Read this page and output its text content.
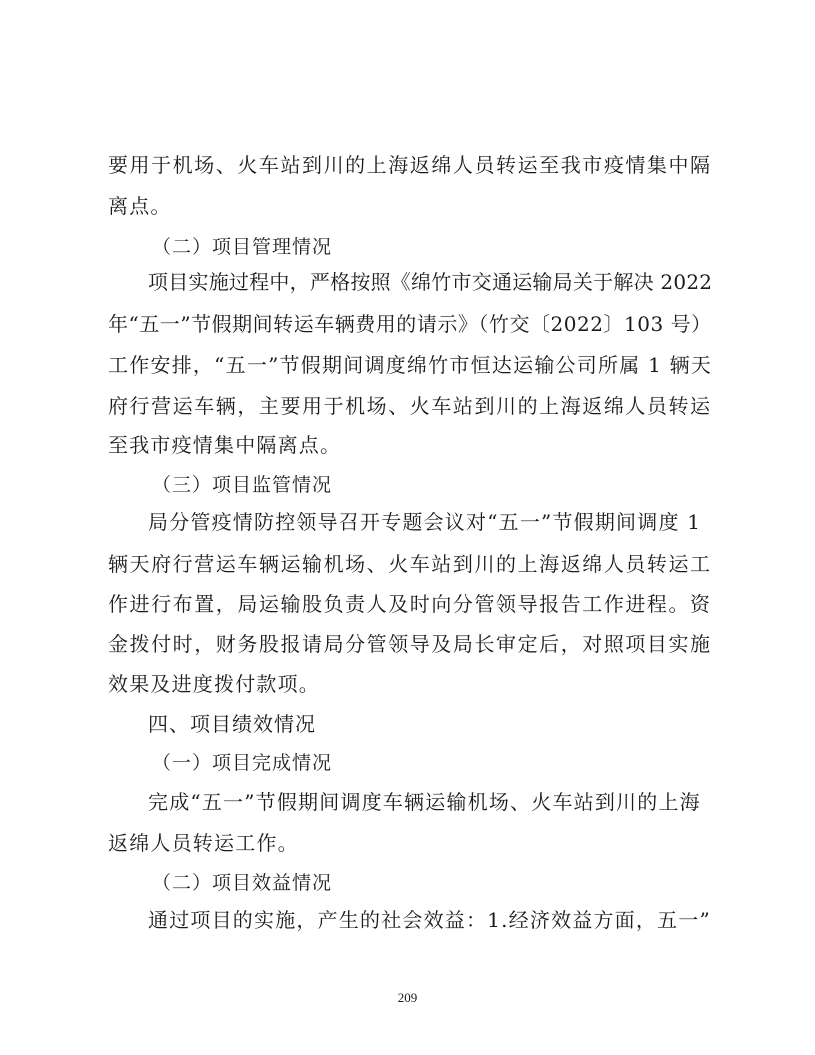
要用于机场、火车站到川的上海返绵人员转运至我市疫情集中隔
离点。
（二）项目管理情况
项目实施过程中，严格按照《绵竹市交通运输局关于解决 2022
年“五一”节假期间转运车辆费用的请示》（竹交〔2022〕103 号）
工作安排，“五一”节假期间调度绵竹市恒达运输公司所属 1 辆天
府行营运车辆，主要用于机场、火车站到川的上海返绵人员转运
至我市疫情集中隔离点。
（三）项目监管情况
局分管疫情防控领导召开专题会议对“五一”节假期间调度 1
辆天府行营运车辆运输机场、火车站到川的上海返绵人员转运工
作进行布置，局运输股负责人及时向分管领导报告工作进程。资
金拨付时，财务股报请局分管领导及局长审定后，对照项目实施
效果及进度拨付款项。
四、项目绩效情况
（一）项目完成情况
完成“五一”节假期间调度车辆运输机场、火车站到川的上海
返绵人员转运工作。
（二）项目效益情况
通过项目的实施，产生的社会效益：1.经济效益方面，五一”
209
